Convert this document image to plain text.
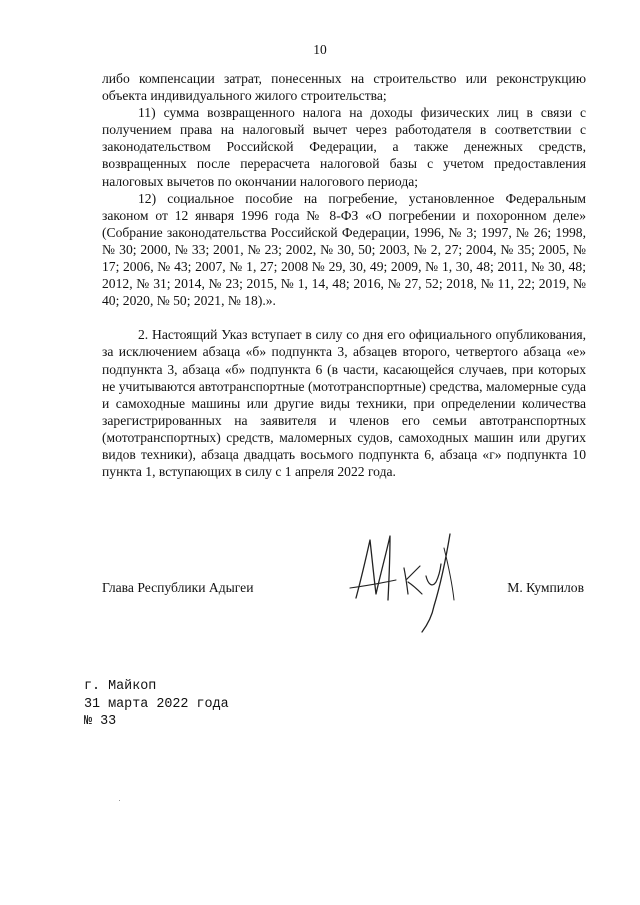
10

либо компенсации затрат, понесенных на строительство или реконструкцию объекта индивидуального жилого строительства;

11) сумма возвращенного налога на доходы физических лиц в связи с получением права на налоговый вычет через работодателя в соответствии с законодательством Российской Федерации, а также денежных средств, возвращенных после перерасчета налоговой базы с учетом предоставления налоговых вычетов по окончании налогового периода;

12) социальное пособие на погребение, установленное Федеральным законом от 12 января 1996 года № 8-ФЗ «О погребении и похоронном деле» (Собрание законодательства Российской Федерации, 1996, № 3; 1997, № 26; 1998, № 30; 2000, № 33; 2001, № 23; 2002, № 30, 50; 2003, № 2, 27; 2004, № 35; 2005, № 17; 2006, № 43; 2007, № 1, 27; 2008 № 29, 30, 49; 2009, № 1, 30, 48; 2011, № 30, 48; 2012, № 31; 2014, № 23; 2015, № 1, 14, 48; 2016, № 27, 52; 2018, № 11, 22; 2019, № 40; 2020, № 50; 2021, № 18).».

2. Настоящий Указ вступает в силу со дня его официального опубликования, за исключением абзаца «б» подпункта 3, абзацев второго, четвертого абзаца «е» подпункта 3, абзаца «б» подпункта 6 (в части, касающейся случаев, при которых не учитываются автотранспортные (мототранспортные) средства, маломерные суда и самоходные машины или другие виды техники, при определении количества зарегистрированных на заявителя и членов его семьи автотранспортных (мототранспортных) средств, маломерных судов, самоходных машин или других видов техники), абзаца двадцать восьмого подпункта 6, абзаца «г» подпункта 10 пункта 1, вступающих в силу с 1 апреля 2022 года.

Глава Республики Адыгеи	М. Кумпилов
г. Майкоп
31 марта 2022 года
№ 33
